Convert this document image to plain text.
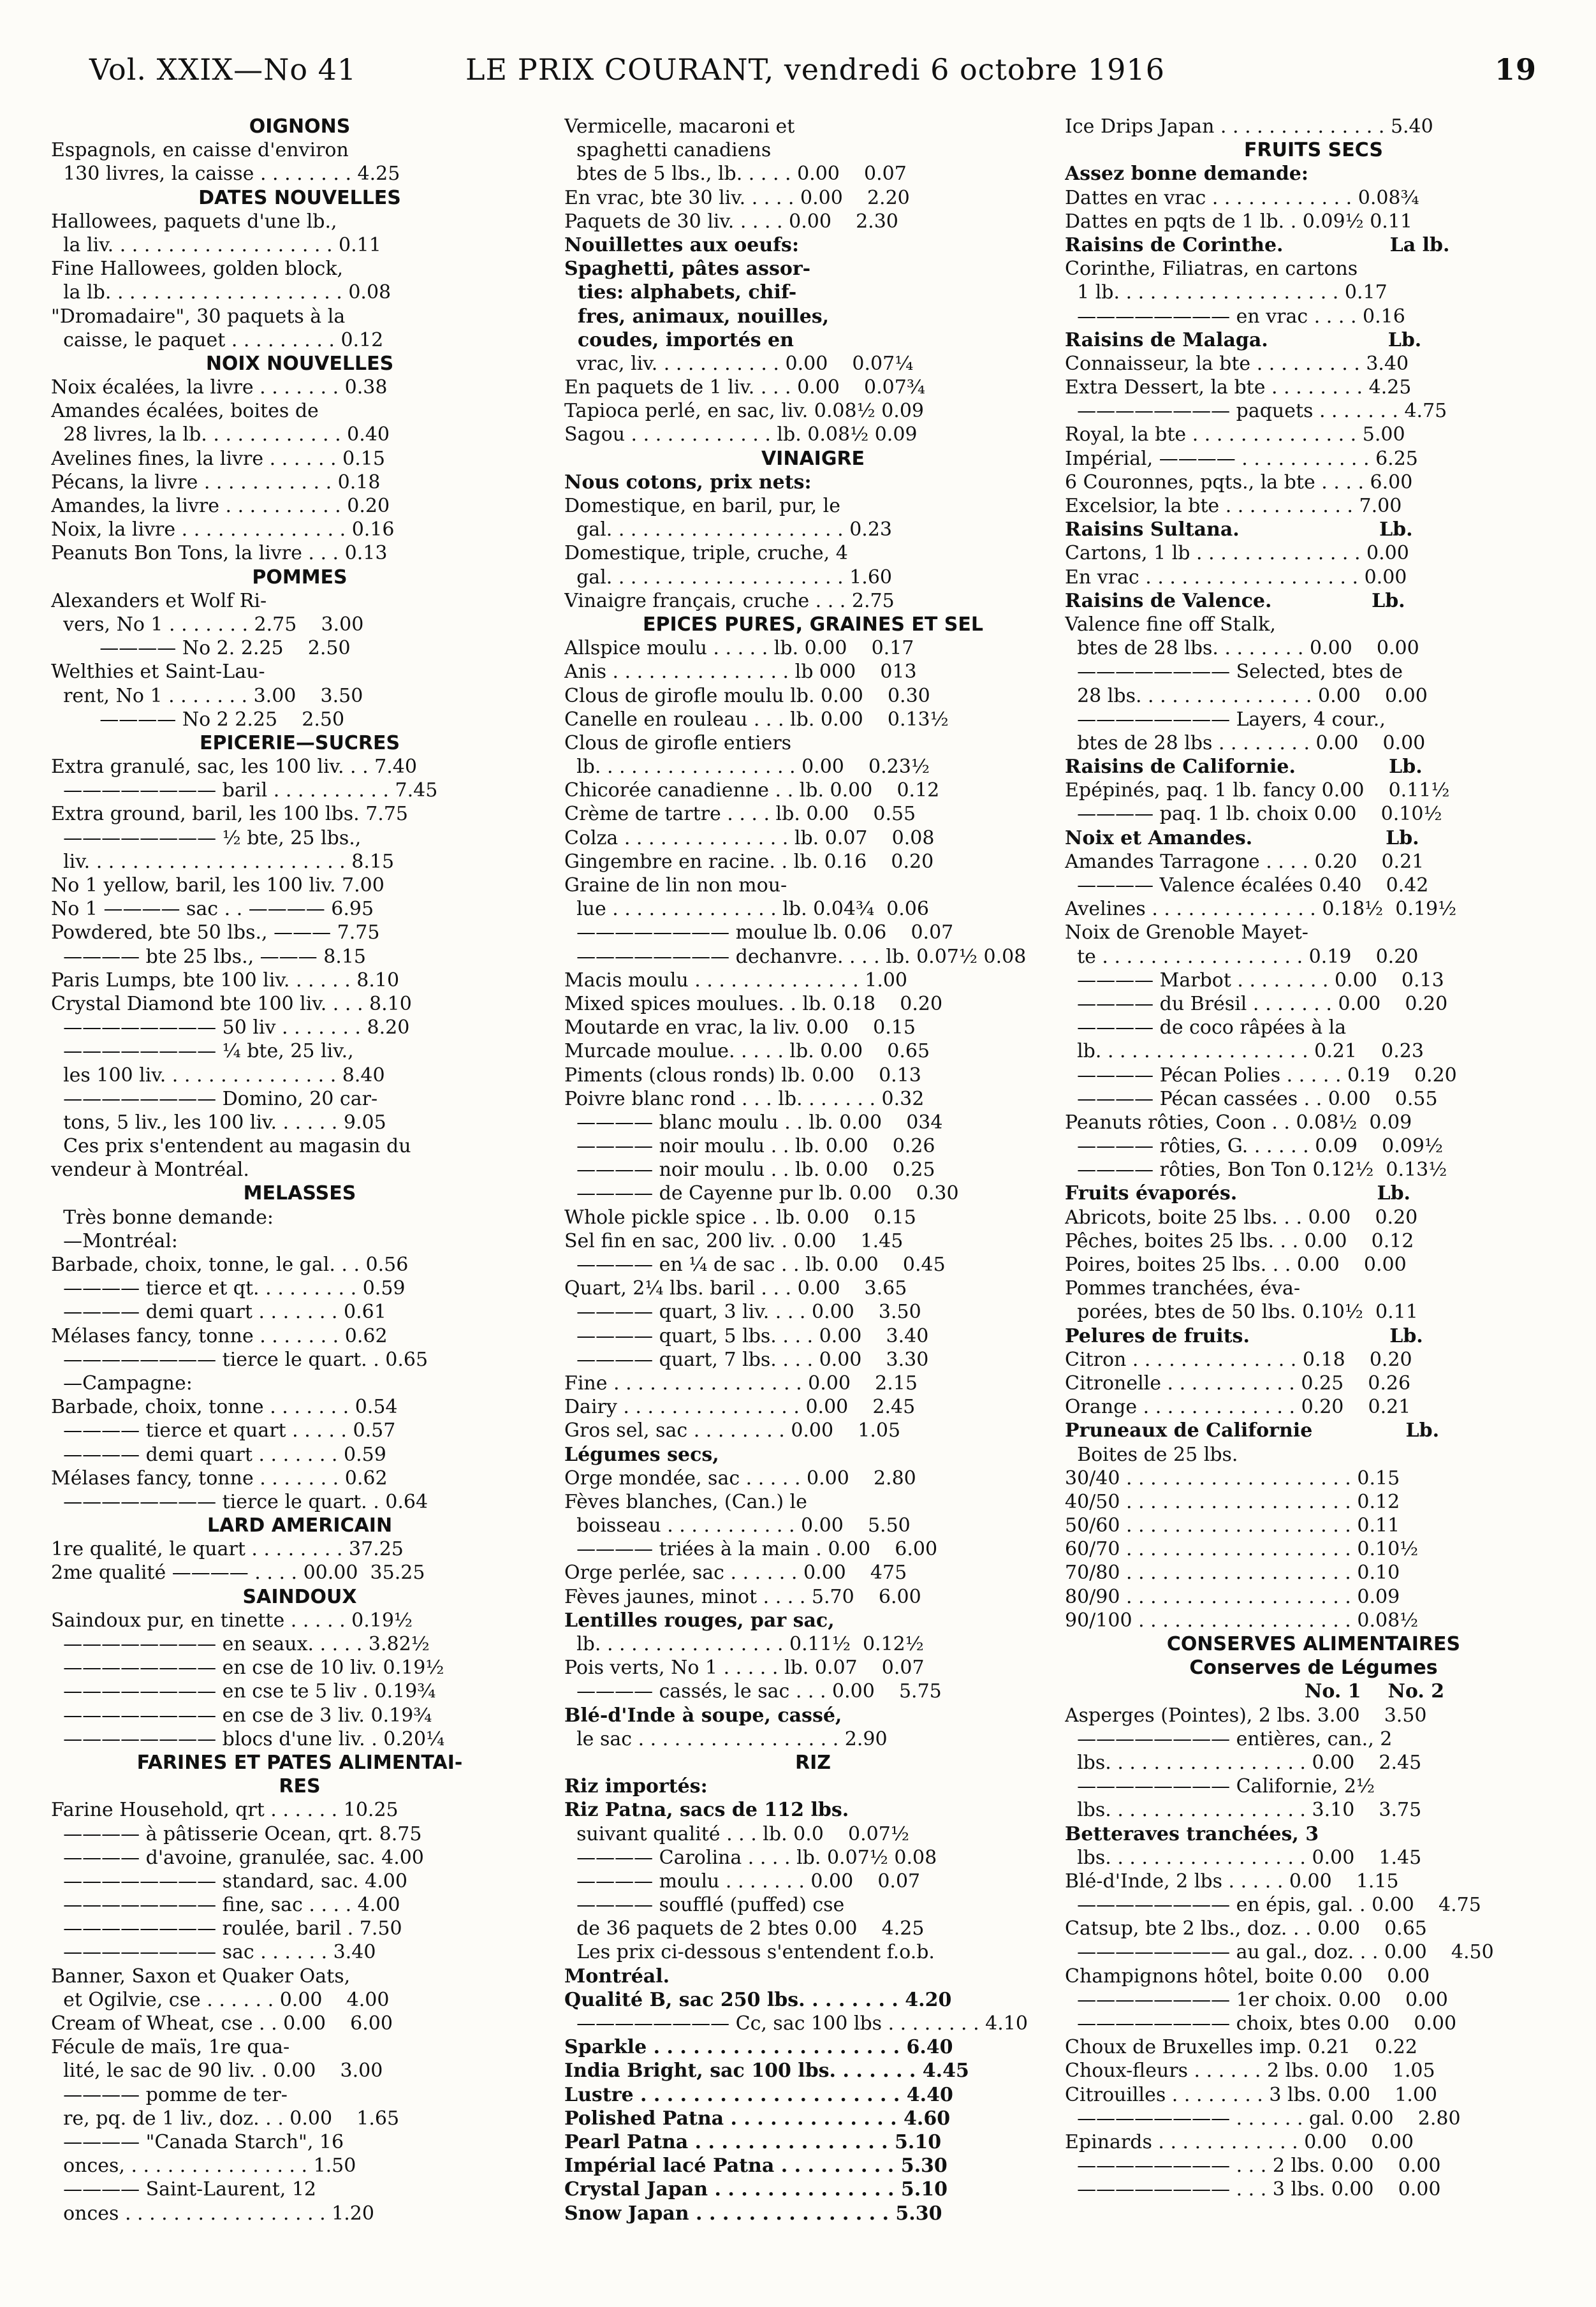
Vol. XXIX—No 41	LE PRIX COURANT, vendredi 6 octobre 1916	19
OIGNONS
Espagnols, en caisse d'environ
130 livres, la caisse . . . . . . . . 4.25
DATES NOUVELLES
Hallowees, paquets d'une lb.,
la liv. . . . . . . . . . . . . . . . . . . 0.11
Fine Hallowees, golden block,
la lb. . . . . . . . . . . . . . . . . . . . 0.08
"Dromadaire", 30 paquets à la
caisse, le paquet . . . . . . . . . 0.12
NOIX NOUVELLES
Noix écalées, la livre . . . . . . . 0.38
Amandes écalées, boites de
28 livres, la lb. . . . . . . . . . . . 0.40
Avelines fines, la livre . . . . . . 0.15
Pécans, la livre . . . . . . . . . . . 0.18
Amandes, la livre . . . . . . . . . . 0.20
Noix, la livre . . . . . . . . . . . . . . 0.16
Peanuts Bon Tons, la livre . . . 0.13
POMMES
Alexanders et Wolf Ri-
vers, No 1 . . . . . . . 2.75    3.00
———— No 2. 2.25    2.50
Welthies et Saint-Lau-
rent, No 1 . . . . . . . 3.00    3.50
———— No 2 2.25    2.50
EPICERIE—SUCRES
Extra granulé, sac, les 100 liv. . . 7.40
———————— baril . . . . . . . . . . 7.45
Extra ground, baril, les 100 lbs. 7.75
———————— ½ bte, 25 lbs.,
liv. . . . . . . . . . . . . . . . . . . . . . 8.15
No 1 yellow, baril, les 100 liv. 7.00
No 1 ———— sac . . ———— 6.95
Powdered, bte 50 lbs., ——— 7.75
———— bte 25 lbs., ——— 8.15
Paris Lumps, bte 100 liv. . . . . . 8.10
Crystal Diamond bte 100 liv. . . . 8.10
———————— 50 liv . . . . . . . 8.20
———————— ¼ bte, 25 liv.,
les 100 liv. . . . . . . . . . . . . . . 8.40
———————— Domino, 20 car-
tons, 5 liv., les 100 liv. . . . . . 9.05
Ces prix s'entendent au magasin du
vendeur à Montréal.
MELASSES
Très bonne demande:
—Montréal:
Barbade, choix, tonne, le gal. . . 0.56
———— tierce et qt. . . . . . . . . 0.59
———— demi quart . . . . . . . 0.61
Mélases fancy, tonne . . . . . . . 0.62
———————— tierce le quart. . 0.65
—Campagne:
Barbade, choix, tonne . . . . . . . 0.54
———— tierce et quart . . . . . 0.57
———— demi quart . . . . . . . 0.59
Mélases fancy, tonne . . . . . . . 0.62
———————— tierce le quart. . 0.64
LARD AMERICAIN
1re qualité, le quart . . . . . . . . 37.25
2me qualité ———— . . . . 00.00  35.25
SAINDOUX
Saindoux pur, en tinette . . . . . 0.19½
———————— en seaux. . . . . 3.82½
———————— en cse de 10 liv. 0.19½
———————— en cse te 5 liv . 0.19¾
———————— en cse de 3 liv. 0.19¾
———————— blocs d'une liv. . 0.20¼
FARINES ET PATES ALIMENTAI-
RES
Farine Household, qrt . . . . . . 10.25
———— à pâtisserie Ocean, qrt. 8.75
———— d'avoine, granulée, sac. 4.00
———————— standard, sac. 4.00
———————— fine, sac . . . . 4.00
———————— roulée, baril . 7.50
———————— sac . . . . . . 3.40
Banner, Saxon et Quaker Oats,
et Ogilvie, cse . . . . . . 0.00    4.00
Cream of Wheat, cse . . 0.00    6.00
Fécule de maïs, 1re qua-
lité, le sac de 90 liv. . 0.00    3.00
———— pomme de ter-
re, pq. de 1 liv., doz. . . 0.00    1.65
———— "Canada Starch", 16
onces, . . . . . . . . . . . . . . . 1.50
———— Saint-Laurent, 12
onces . . . . . . . . . . . . . . . . . 1.20
Vermicelle, macaroni et
spaghetti canadiens
btes de 5 lbs., lb. . . . . 0.00    0.07
En vrac, bte 30 liv. . . . . 0.00    2.20
Paquets de 30 liv. . . . . 0.00    2.30
Nouillettes aux oeufs:
Spaghetti, pâtes assor-
ties: alphabets, chif-
fres, animaux, nouilles,
coudes, importés en
vrac, liv. . . . . . . . . . . 0.00    0.07¼
En paquets de 1 liv. . . . 0.00    0.07¾
Tapioca perlé, en sac, liv. 0.08½ 0.09
Sagou . . . . . . . . . . . . lb. 0.08½ 0.09
VINAIGRE
Nous cotons, prix nets:
Domestique, en baril, pur, le
gal. . . . . . . . . . . . . . . . . . . . 0.23
Domestique, triple, cruche, 4
gal. . . . . . . . . . . . . . . . . . . . 1.60
Vinaigre français, cruche . . . 2.75
EPICES PURES, GRAINES ET SEL
Allspice moulu . . . . . lb. 0.00    0.17
Anis . . . . . . . . . . . . . . . lb 000    013
Clous de girofle moulu lb. 0.00    0.30
Canelle en rouleau . . . lb. 0.00    0.13½
Clous de girofle entiers
lb. . . . . . . . . . . . . . . . . 0.00    0.23½
Chicorée canadienne . . lb. 0.00    0.12
Crème de tartre . . . . lb. 0.00    0.55
Colza . . . . . . . . . . . . . . lb. 0.07    0.08
Gingembre en racine. . lb. 0.16    0.20
Graine de lin non mou-
lue . . . . . . . . . . . . . . lb. 0.04¾  0.06
———————— moulue lb. 0.06    0.07
———————— dechanvre. . . . lb. 0.07½ 0.08
Macis moulu . . . . . . . . . . . . . . 1.00
Mixed spices moulues. . lb. 0.18    0.20
Moutarde en vrac, la liv. 0.00    0.15
Murcade moulue. . . . . lb. 0.00    0.65
Piments (clous ronds) lb. 0.00    0.13
Poivre blanc rond . . . lb. . . . . . . 0.32
———— blanc moulu . . lb. 0.00    034
———— noir moulu . . lb. 0.00    0.26
———— noir moulu . . lb. 0.00    0.25
———— de Cayenne pur lb. 0.00    0.30
Whole pickle spice . . lb. 0.00    0.15
Sel fin en sac, 200 liv. . 0.00    1.45
———— en ¼ de sac . . lb. 0.00    0.45
Quart, 2¼ lbs. baril . . . 0.00    3.65
———— quart, 3 liv. . . . 0.00    3.50
———— quart, 5 lbs. . . . 0.00    3.40
———— quart, 7 lbs. . . . 0.00    3.30
Fine . . . . . . . . . . . . . . . . 0.00    2.15
Dairy . . . . . . . . . . . . . . . 0.00    2.45
Gros sel, sac . . . . . . . . 0.00    1.05
Légumes secs,
Orge mondée, sac . . . . . 0.00    2.80
Fèves blanches, (Can.) le
boisseau . . . . . . . . . . . 0.00    5.50
———— triées à la main . 0.00    6.00
Orge perlée, sac . . . . . . 0.00    475
Fèves jaunes, minot . . . . 5.70    6.00
Lentilles rouges, par sac,
lb. . . . . . . . . . . . . . . . 0.11½  0.12½
Pois verts, No 1 . . . . . lb. 0.07    0.07
———— cassés, le sac . . . 0.00    5.75
Blé-d'Inde à soupe, cassé,
le sac . . . . . . . . . . . . . . . . . 2.90
RIZ
Riz importés:
Riz Patna, sacs de 112 lbs.
suivant qualité . . . lb. 0.0    0.07½
———— Carolina . . . . lb. 0.07½ 0.08
———— moulu . . . . . . . 0.00    0.07
———— soufflé (puffed) cse
de 36 paquets de 2 btes 0.00    4.25
Les prix ci-dessous s'entendent f.o.b.
Montréal.
Qualité B, sac 250 lbs. . . . . . . . 4.20
———————— Cc, sac 100 lbs . . . . . . . . 4.10
Sparkle . . . . . . . . . . . . . . . . . . . 6.40
India Bright, sac 100 lbs. . . . . . . 4.45
Lustre . . . . . . . . . . . . . . . . . . . . 4.40
Polished Patna . . . . . . . . . . . . . 4.60
Pearl Patna . . . . . . . . . . . . . . . 5.10
Impérial lacé Patna . . . . . . . . . 5.30
Crystal Japan . . . . . . . . . . . . . . 5.10
Snow Japan . . . . . . . . . . . . . . . 5.30
Ice Drips Japan . . . . . . . . . . . . . . 5.40
FRUITS SECS
Assez bonne demande:
Dattes en vrac . . . . . . . . . . . . 0.08¾
Dattes en pqts de 1 lb. . 0.09½ 0.11
Raisins de Corinthe.                La lb.
Corinthe, Filiatras, en cartons
1 lb. . . . . . . . . . . . . . . . . . . 0.17
———————— en vrac . . . . 0.16
Raisins de Malaga.                  Lb.
Connaisseur, la bte . . . . . . . . . 3.40
Extra Dessert, la bte . . . . . . . . 4.25
———————— paquets . . . . . . . 4.75
Royal, la bte . . . . . . . . . . . . . . 5.00
Impérial, ———— . . . . . . . . . . . 6.25
6 Couronnes, pqts., la bte . . . . 6.00
Excelsior, la bte . . . . . . . . . . . 7.00
Raisins Sultana.                     Lb.
Cartons, 1 lb . . . . . . . . . . . . . . 0.00
En vrac . . . . . . . . . . . . . . . . . . 0.00
Raisins de Valence.               Lb.
Valence fine off Stalk,
btes de 28 lbs. . . . . . . . 0.00    0.00
———————— Selected, btes de
28 lbs. . . . . . . . . . . . . . . 0.00    0.00
———————— Layers, 4 cour.,
btes de 28 lbs . . . . . . . . 0.00    0.00
Raisins de Californie.              Lb.
Epépinés, paq. 1 lb. fancy 0.00    0.11½
———— paq. 1 lb. choix 0.00    0.10½
Noix et Amandes.                    Lb.
Amandes Tarragone . . . . 0.20    0.21
———— Valence écalées 0.40    0.42
Avelines . . . . . . . . . . . . . . 0.18½  0.19½
Noix de Grenoble Mayet-
te . . . . . . . . . . . . . . . . . 0.19    0.20
———— Marbot . . . . . . . . 0.00    0.13
———— du Brésil . . . . . . . 0.00    0.20
———— de coco râpées à la
lb. . . . . . . . . . . . . . . . . . 0.21    0.23
———— Pécan Polies . . . . . 0.19    0.20
———— Pécan cassées . . 0.00    0.55
Peanuts rôties, Coon . . 0.08½  0.09
———— rôties, G. . . . . . 0.09    0.09½
———— rôties, Bon Ton 0.12½  0.13½
Fruits évaporés.                     Lb.
Abricots, boite 25 lbs. . . 0.00    0.20
Pêches, boites 25 lbs. . . 0.00    0.12
Poires, boites 25 lbs. . . 0.00    0.00
Pommes tranchées, éva-
porées, btes de 50 lbs. 0.10½  0.11
Pelures de fruits.                     Lb.
Citron . . . . . . . . . . . . . . 0.18    0.20
Citronelle . . . . . . . . . . . 0.25    0.26
Orange . . . . . . . . . . . . . 0.20    0.21
Pruneaux de Californie              Lb.
Boites de 25 lbs.
30/40 . . . . . . . . . . . . . . . . . . . 0.15
40/50 . . . . . . . . . . . . . . . . . . . 0.12
50/60 . . . . . . . . . . . . . . . . . . . 0.11
60/70 . . . . . . . . . . . . . . . . . . . 0.10½
70/80 . . . . . . . . . . . . . . . . . . . 0.10
80/90 . . . . . . . . . . . . . . . . . . . 0.09
90/100 . . . . . . . . . . . . . . . . . . 0.08½
CONSERVES ALIMENTAIRES
Conserves de Légumes
No. 1    No. 2
Asperges (Pointes), 2 lbs. 3.00    3.50
———————— entières, can., 2
lbs. . . . . . . . . . . . . . . . . 0.00    2.45
———————— Californie, 2½
lbs. . . . . . . . . . . . . . . . . 3.10    3.75
Betteraves tranchées, 3
lbs. . . . . . . . . . . . . . . . . 0.00    1.45
Blé-d'Inde, 2 lbs . . . . . 0.00    1.15
———————— en épis, gal. . 0.00    4.75
Catsup, bte 2 lbs., doz. . . 0.00    0.65
———————— au gal., doz. . . 0.00    4.50
Champignons hôtel, boite 0.00    0.00
———————— 1er choix. 0.00    0.00
———————— choix, btes 0.00    0.00
Choux de Bruxelles imp. 0.21    0.22
Choux-fleurs . . . . . . 2 lbs. 0.00    1.05
Citrouilles . . . . . . . . 3 lbs. 0.00    1.00
———————— . . . . . . gal. 0.00    2.80
Epinards . . . . . . . . . . . . 0.00    0.00
———————— . . . 2 lbs. 0.00    0.00
———————— . . . 3 lbs. 0.00    0.00
